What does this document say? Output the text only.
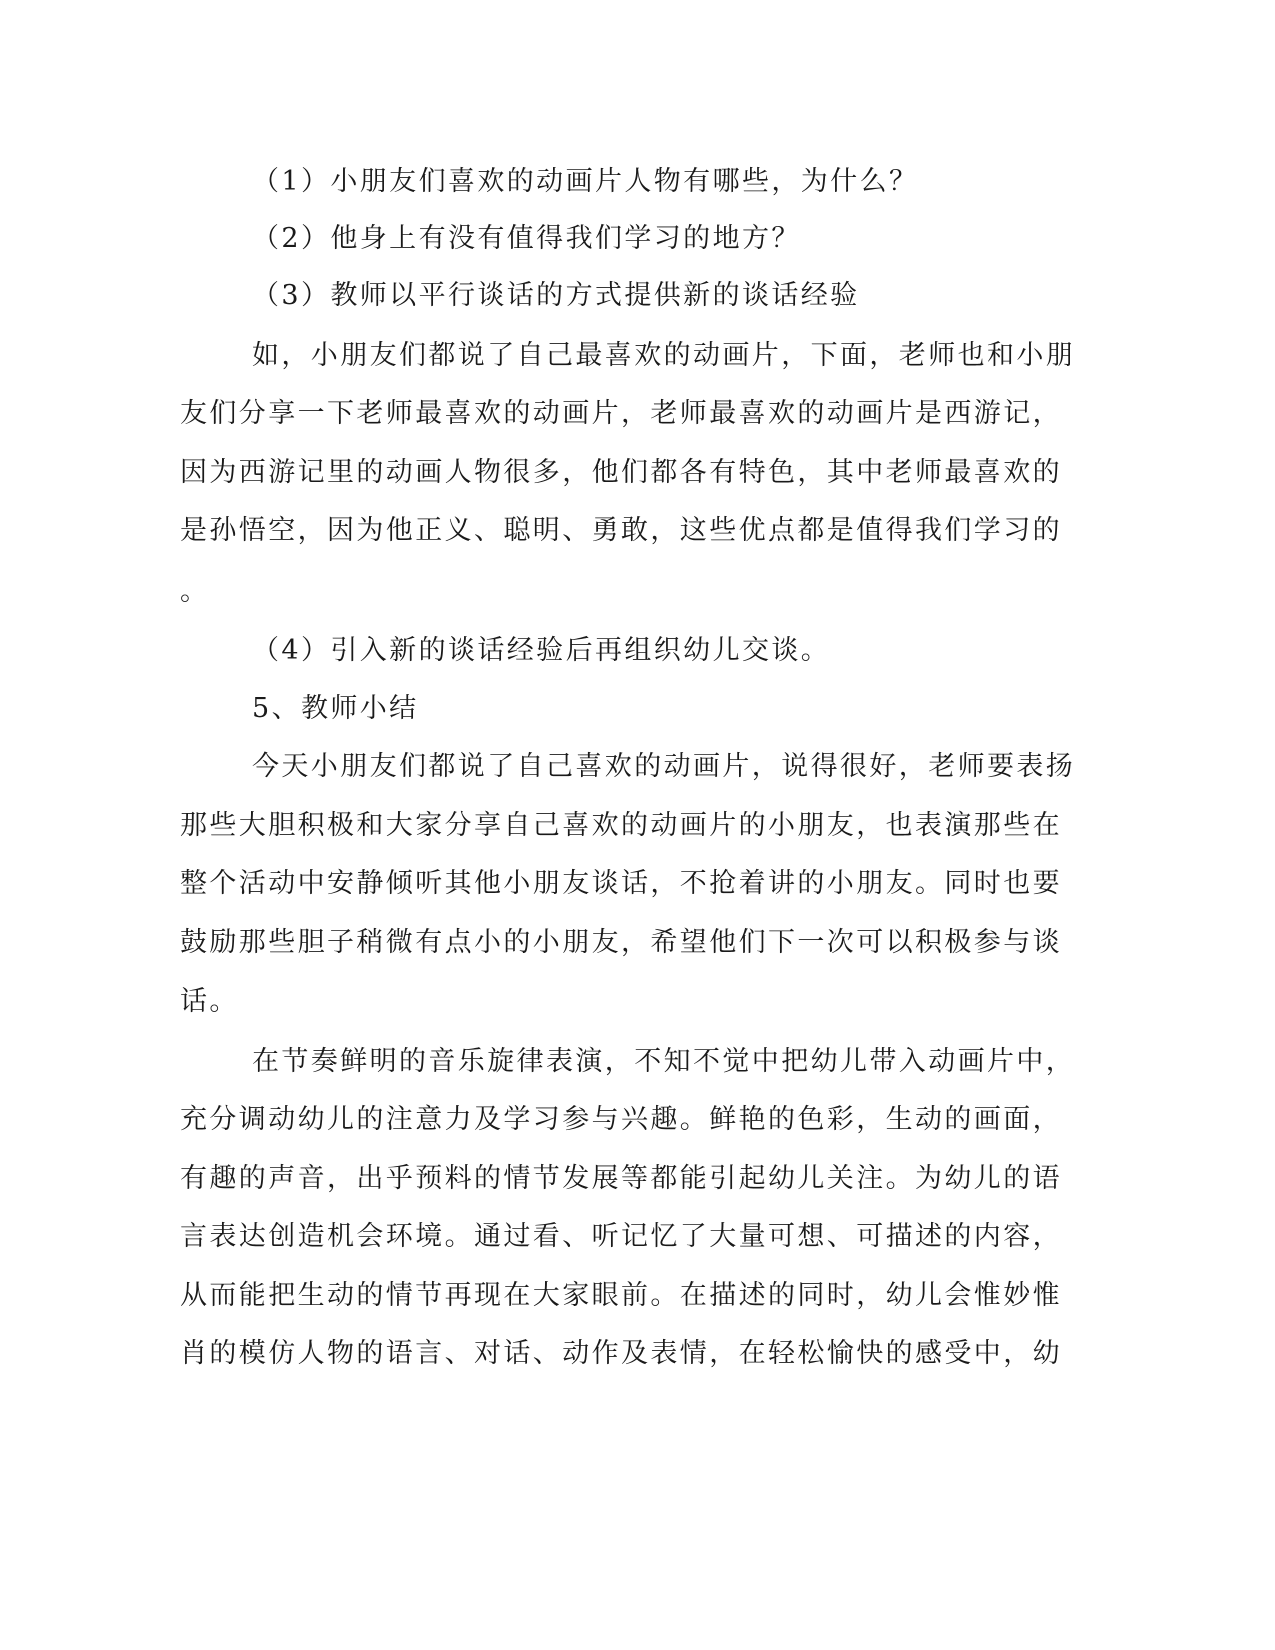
（1）小朋友们喜欢的动画片人物有哪些，为什么？

（2）他身上有没有值得我们学习的地方？

（3）教师以平行谈话的方式提供新的谈话经验

如，小朋友们都说了自己最喜欢的动画片，下面，老师也和小朋

友们分享一下老师最喜欢的动画片，老师最喜欢的动画片是西游记，

因为西游记里的动画人物很多，他们都各有特色，其中老师最喜欢的

是孙悟空，因为他正义、聪明、勇敢，这些优点都是值得我们学习的

。

（4）引入新的谈话经验后再组织幼儿交谈。

5、教师小结

今天小朋友们都说了自己喜欢的动画片，说得很好，老师要表扬

那些大胆积极和大家分享自己喜欢的动画片的小朋友，也表演那些在

整个活动中安静倾听其他小朋友谈话，不抢着讲的小朋友。同时也要

鼓励那些胆子稍微有点小的小朋友，希望他们下一次可以积极参与谈

话。

在节奏鲜明的音乐旋律表演，不知不觉中把幼儿带入动画片中，

充分调动幼儿的注意力及学习参与兴趣。鲜艳的色彩，生动的画面，

有趣的声音，出乎预料的情节发展等都能引起幼儿关注。为幼儿的语

言表达创造机会环境。通过看、听记忆了大量可想、可描述的内容，

从而能把生动的情节再现在大家眼前。在描述的同时，幼儿会惟妙惟

肖的模仿人物的语言、对话、动作及表情，在轻松愉快的感受中，幼
